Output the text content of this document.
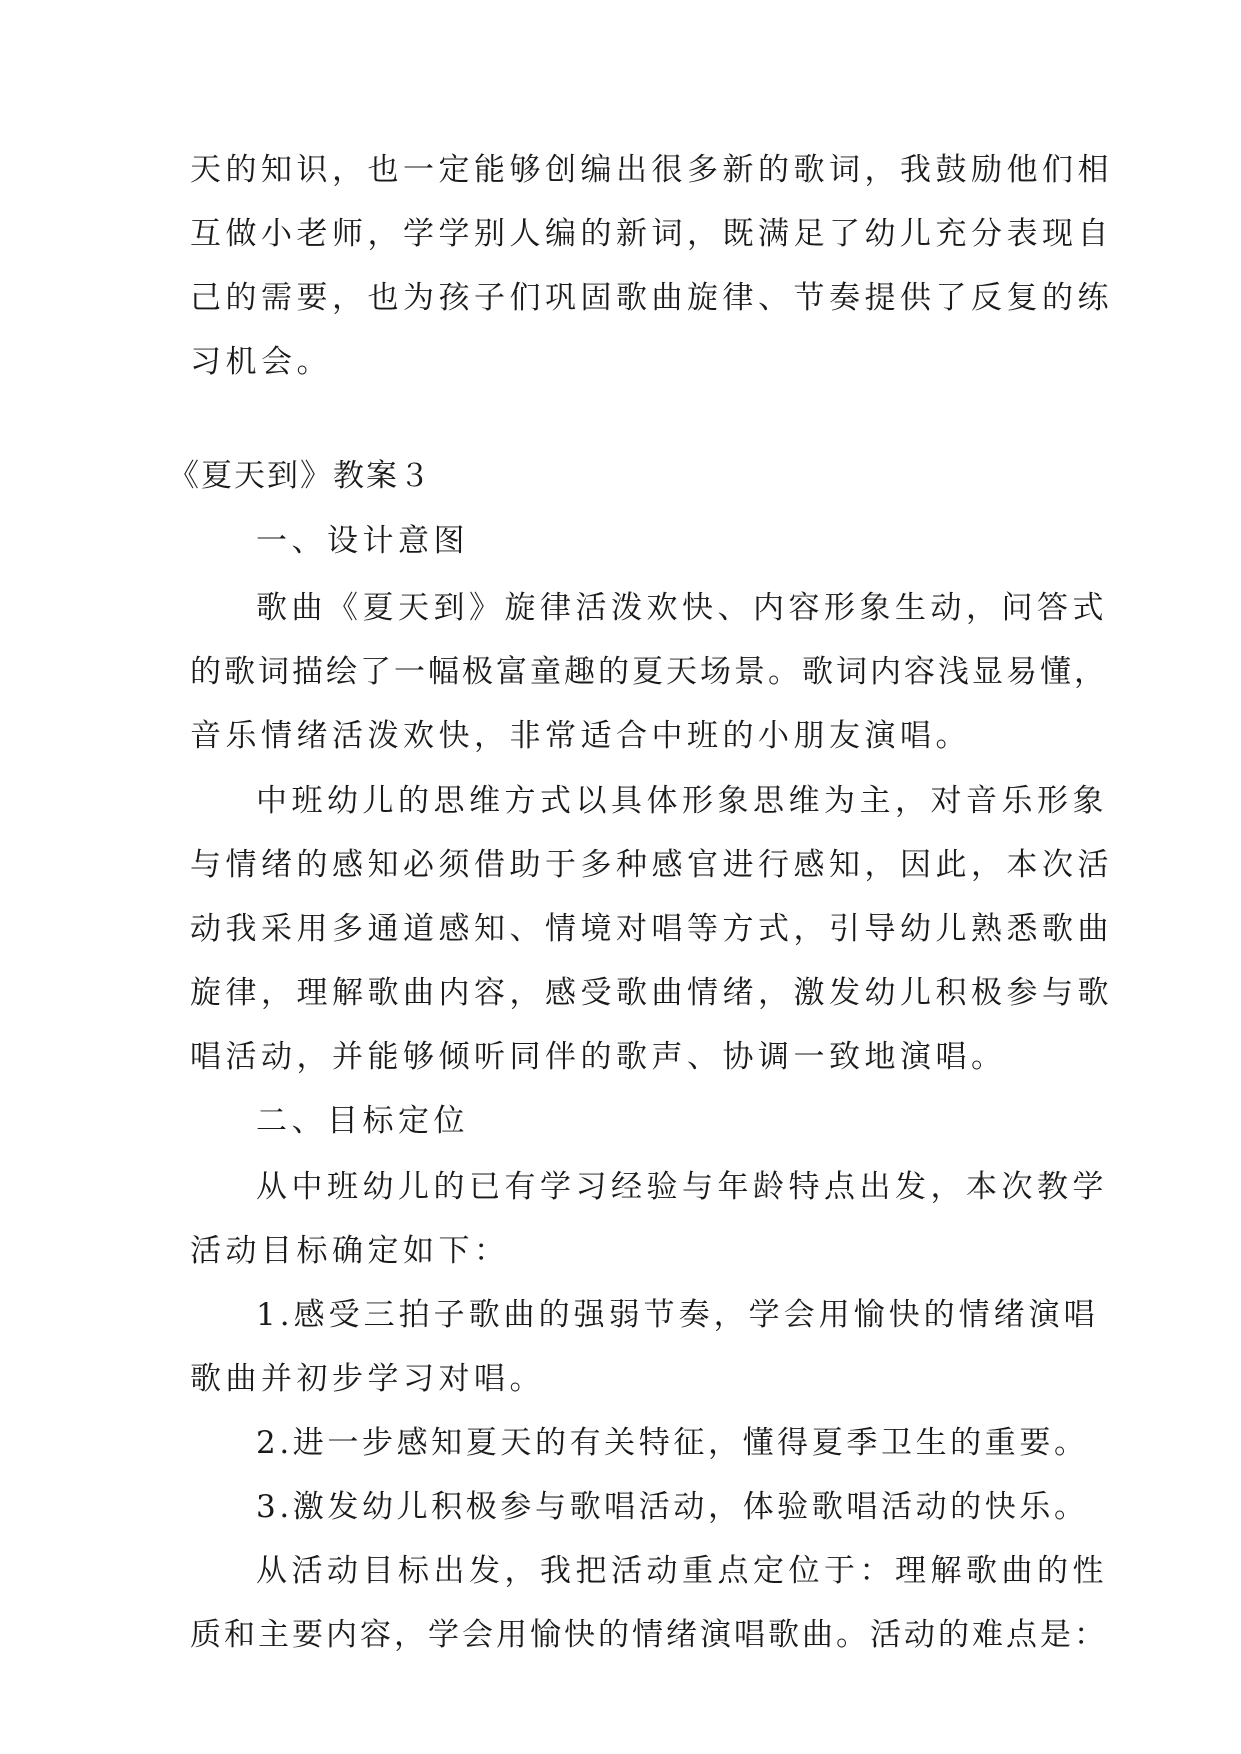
天的知识，也一定能够创编出很多新的歌词，我鼓励他们相
互做小老师，学学别人编的新词，既满足了幼儿充分表现自
己的需要，也为孩子们巩固歌曲旋律、节奏提供了反复的练
习机会。
《夏天到》教案３
一、设计意图
歌曲《夏天到》旋律活泼欢快、内容形象生动，问答式
的歌词描绘了一幅极富童趣的夏天场景。歌词内容浅显易懂，
音乐情绪活泼欢快，非常适合中班的小朋友演唱。
中班幼儿的思维方式以具体形象思维为主，对音乐形象
与情绪的感知必须借助于多种感官进行感知，因此，本次活
动我采用多通道感知、情境对唱等方式，引导幼儿熟悉歌曲
旋律，理解歌曲内容，感受歌曲情绪，激发幼儿积极参与歌
唱活动，并能够倾听同伴的歌声、协调一致地演唱。
二、目标定位
从中班幼儿的已有学习经验与年龄特点出发，本次教学
活动目标确定如下：
1.感受三拍子歌曲的强弱节奏，学会用愉快的情绪演唱
歌曲并初步学习对唱。
2.进一步感知夏天的有关特征，懂得夏季卫生的重要。
3.激发幼儿积极参与歌唱活动，体验歌唱活动的快乐。
从活动目标出发，我把活动重点定位于：理解歌曲的性
质和主要内容，学会用愉快的情绪演唱歌曲。活动的难点是：
